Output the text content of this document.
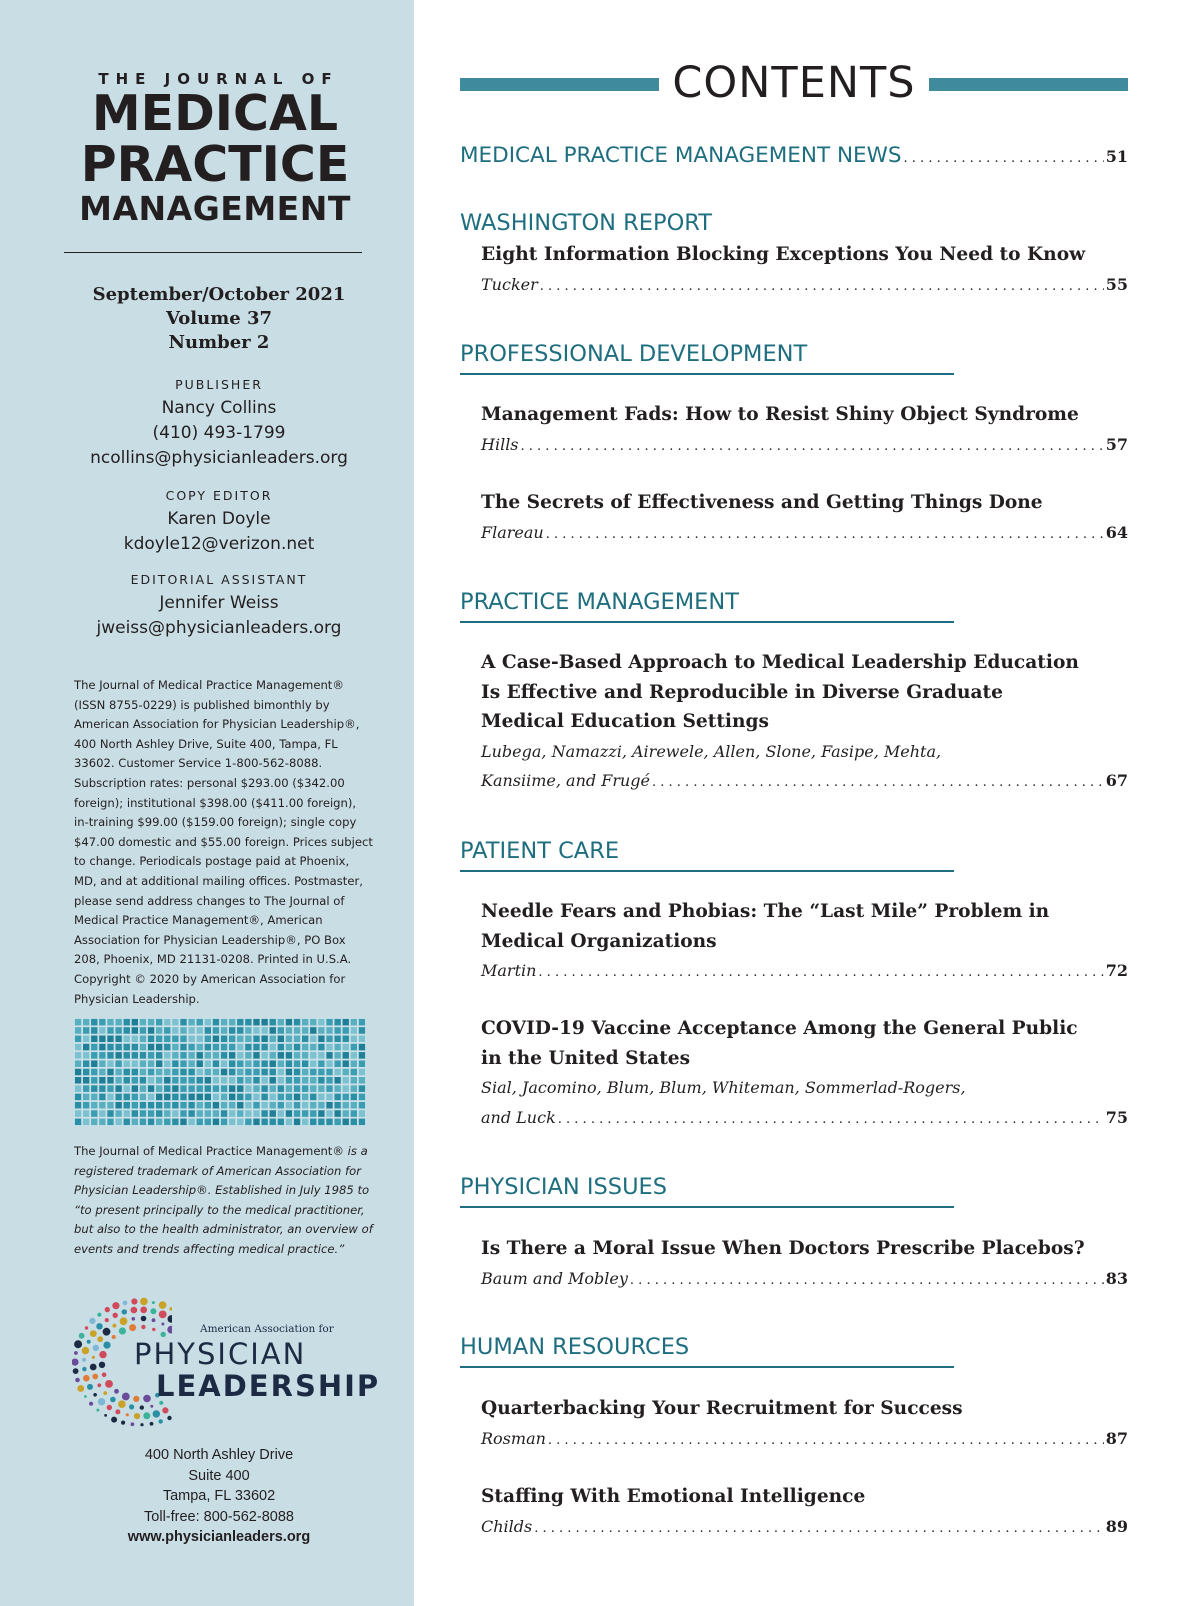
THE JOURNAL OF
MEDICAL
PRACTICE
MANAGEMENT
September/October 2021
Volume 37
Number 2
PUBLISHER
Nancy Collins
(410) 493-1799
ncollins@physicianleaders.org
COPY EDITOR
Karen Doyle
kdoyle12@verizon.net
EDITORIAL ASSISTANT
Jennifer Weiss
jweiss@physicianleaders.org
The Journal of Medical Practice Management® (ISSN 8755-0229) is published bimonthly by American Association for Physician Leadership®, 400 North Ashley Drive, Suite 400, Tampa, FL 33602. Customer Service 1-800-562-8088. Subscription rates: personal $293.00 ($342.00 foreign); institutional $398.00 ($411.00 foreign), in-training $99.00 ($159.00 foreign); single copy $47.00 domestic and $55.00 foreign. Prices subject to change. Periodicals postage paid at Phoenix, MD, and at additional mailing offices. Postmaster, please send address changes to The Journal of Medical Practice Management®, American Association for Physician Leadership®, PO Box 208, Phoenix, MD 21131-0208. Printed in U.S.A. Copyright © 2020 by American Association for Physician Leadership.
The Journal of Medical Practice Management® is a registered trademark of American Association for Physician Leadership®. Established in July 1985 to “to present principally to the medical practitioner, but also to the health administrator, an overview of events and trends affecting medical practice.”
American Association for
PHYSICIAN
LEADERSHIP
400 North Ashley Drive
Suite 400
Tampa, FL 33602
Toll-free: 800-562-8088
www.physicianleaders.org
CONTENTS
MEDICAL PRACTICE MANAGEMENT NEWS . . .	51
WASHINGTON REPORT
Eight Information Blocking Exceptions You Need to Know
Tucker . . .	55
PROFESSIONAL DEVELOPMENT
Management Fads: How to Resist Shiny Object Syndrome
Hills . . .	57
The Secrets of Effectiveness and Getting Things Done
Flareau . . .	64
PRACTICE MANAGEMENT
A Case-Based Approach to Medical Leadership Education
Is Effective and Reproducible in Diverse Graduate
Medical Education Settings
Lubega, Namazzi, Airewele, Allen, Slone, Fasipe, Mehta,
Kansiime, and Frugé . . .	67
PATIENT CARE
Needle Fears and Phobias: The “Last Mile” Problem in
Medical Organizations
Martin . . .	72
COVID-19 Vaccine Acceptance Among the General Public
in the United States
Sial, Jacomino, Blum, Blum, Whiteman, Sommerlad-Rogers,
and Luck . . .	75
PHYSICIAN ISSUES
Is There a Moral Issue When Doctors Prescribe Placebos?
Baum and Mobley . . .	83
HUMAN RESOURCES
Quarterbacking Your Recruitment for Success
Rosman . . .	87
Staffing With Emotional Intelligence
Childs . . .	89
